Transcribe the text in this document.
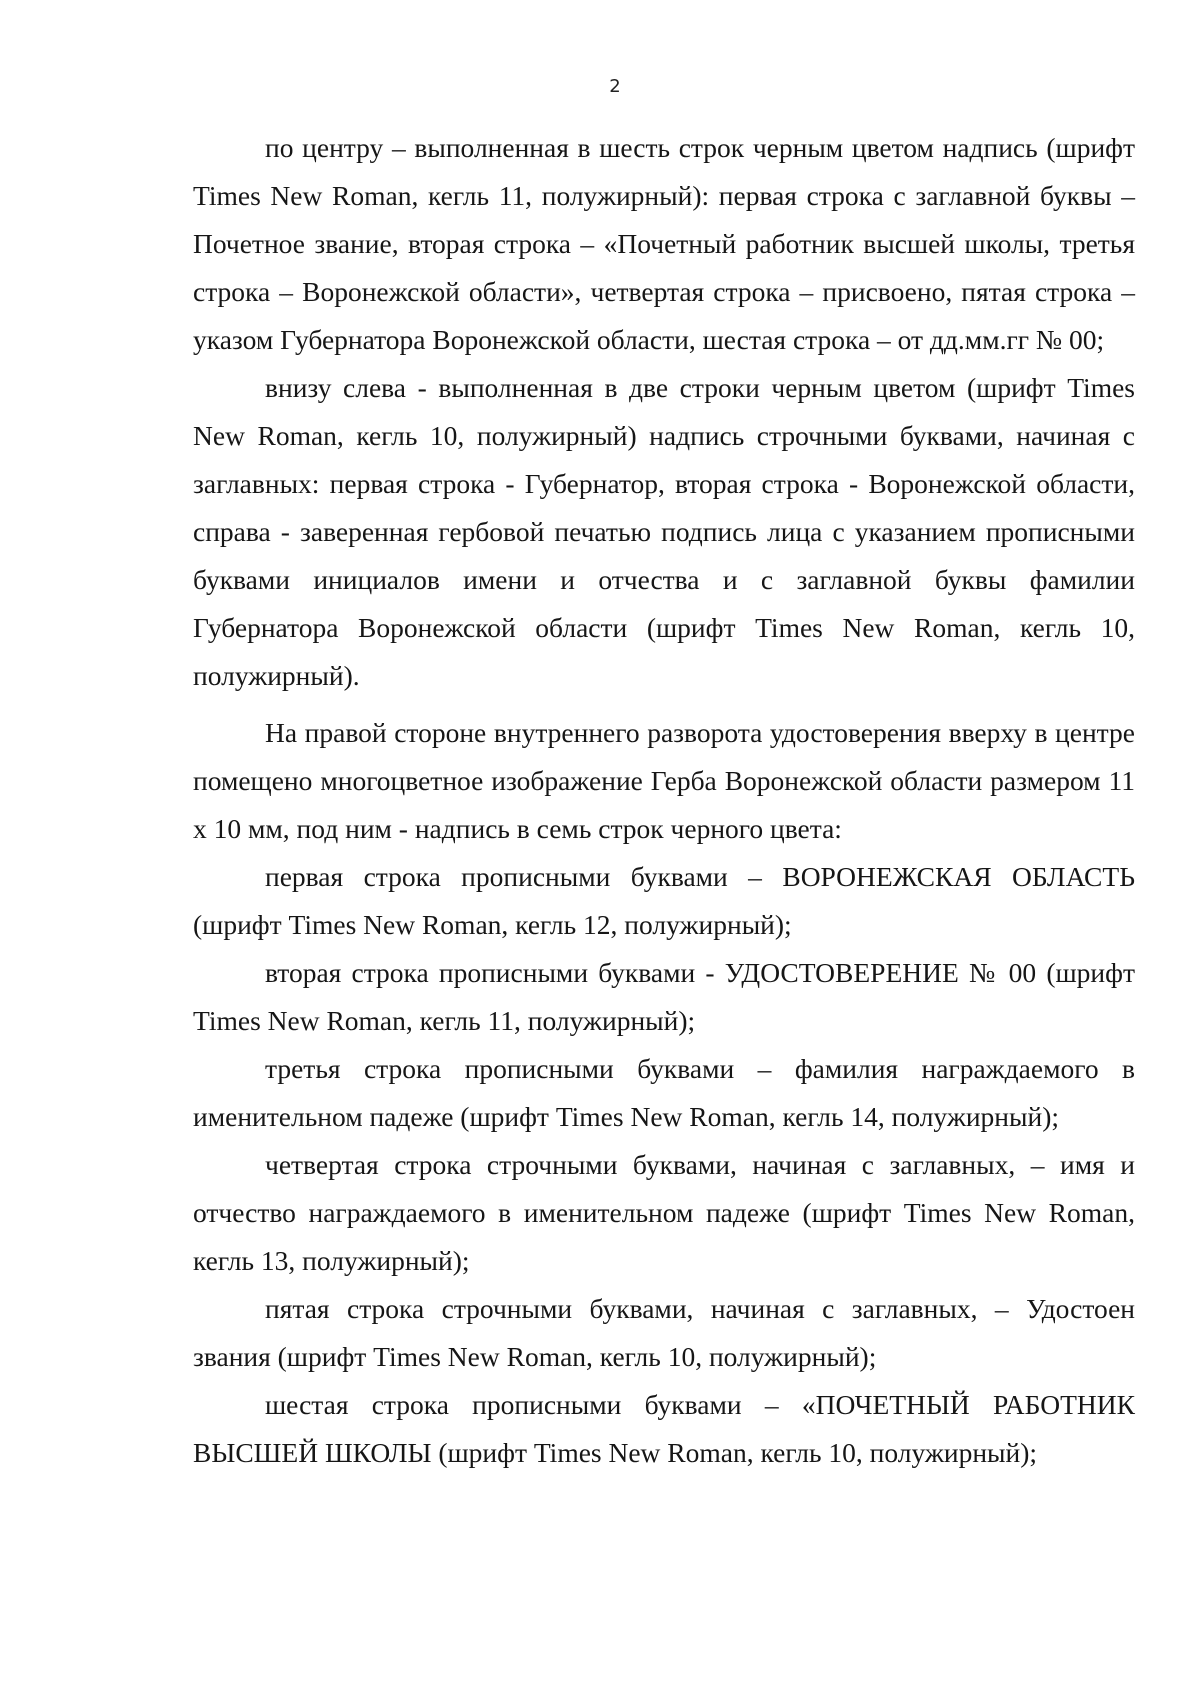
2

по центру – выполненная в шесть строк черным цветом надпись (шрифт Times New Roman, кегль 11, полужирный): первая строка с заглавной буквы – Почетное звание, вторая строка – «Почетный работник высшей школы, третья строка – Воронежской области», четвертая строка – присвоено, пятая строка – указом Губернатора Воронежской области, шестая строка – от дд.мм.гг № 00;

внизу слева - выполненная в две строки черным цветом (шрифт Times New Roman, кегль 10, полужирный) надпись строчными буквами, начиная с заглавных: первая строка - Губернатор, вторая строка - Воронежской области, справа - заверенная гербовой печатью подпись лица с указанием прописными буквами инициалов имени и отчества и с заглавной буквы фамилии Губернатора Воронежской области (шрифт Times New Roman, кегль 10, полужирный).

На правой стороне внутреннего разворота удостоверения вверху в центре помещено многоцветное изображение Герба Воронежской области размером 11 х 10 мм, под ним - надпись в семь строк черного цвета:

первая строка прописными буквами – ВОРОНЕЖСКАЯ ОБЛАСТЬ (шрифт Times New Roman, кегль 12, полужирный);

вторая строка прописными буквами - УДОСТОВЕРЕНИЕ № 00 (шрифт Times New Roman, кегль 11, полужирный);

третья строка прописными буквами – фамилия награждаемого в именительном падеже (шрифт Times New Roman, кегль 14, полужирный);

четвертая строка строчными буквами, начиная с заглавных, – имя и отчество награждаемого в именительном падеже (шрифт Times New Roman, кегль 13, полужирный);

пятая строка строчными буквами, начиная с заглавных, – Удостоен звания (шрифт Times New Roman, кегль 10, полужирный);

шестая строка прописными буквами – «ПОЧЕТНЫЙ РАБОТНИК ВЫСШЕЙ ШКОЛЫ (шрифт Times New Roman, кегль 10, полужирный);
